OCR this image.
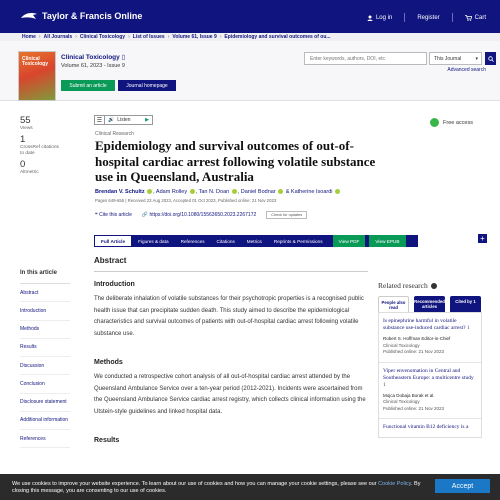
Taylor & Francis Online	Log in	Register	Cart
Home › All Journals › Clinical Toxicology › List of Issues › Volume 61, Issue 9 › Epidemiology and survival outcomes of ou...
Clinical Toxicology
Clinical Toxicology ▯
Volume 61, 2023 - Issue 9
Submit an article	Journal homepage
Enter keywords, authors, DOI, etc
This Journal	▾
Advanced search
55
Views
1
CrossRef citations to date
0
Altmetric
☰ 🔊 Listen	▶	Free access
Clinical Research
Epidemiology and survival outcomes of out-of-hospital cardiac arrest following volatile substance use in Queensland, Australia
Brendan V. Schultz , Adam Rolley , Tan N. Doan , Daniel Bodnar  & Katherine Isoardi
Pages 649-655 | Received 23 Aug 2023, Accepted 01 Oct 2023, Published online: 21 Nov 2023
❝ Cite this article 🔗 https://doi.org/10.1080/15563650.2023.2267172	Check for updates
Full Article	Figures & data	References	Citations	Metrics	Reprints & Permissions	View PDF	View EPUB	+
In this article
Abstract
Introduction
Methods
Results
Discussion
Conclusion
Disclosure statement
Additional information
References
Abstract
Introduction
The deliberate inhalation of volatile substances for their psychotropic properties is a recognised public health issue that can precipitate sudden death. This study aimed to describe the epidemiological characteristics and survival outcomes of patients with out-of-hospital cardiac arrest following volatile substance use.
Methods
We conducted a retrospective cohort analysis of all out-of-hospital cardiac arrest attended by the Queensland Ambulance Service over a ten-year period (2012-2021). Incidents were ascertained from the Queensland Ambulance Service cardiac arrest registry, which collects clinical information using the Utstein-style guidelines and linked hospital data.
Results
Related research
People also read
Recommended articles
Cited by 1
Is epinephrine harmful in volatile substance use-induced cardiac arrest? 1
Robert S. Hoffman Editor-in-Chief
Clinical Toxicology
Published online: 21 Nov 2023
Viper envenomation in Central and Southeastern Europe: a multicentre study 1
Mojca Dobaja Borak et al.
Clinical Toxicology
Published online: 21 Nov 2023
Functional vitamin B12 deficiency is a
We use cookies to improve your website experience. To learn about our use of cookies and how you can manage your cookie settings, please see our Cookie Policy. By closing this message, you are consenting to our use of cookies.
Accept
